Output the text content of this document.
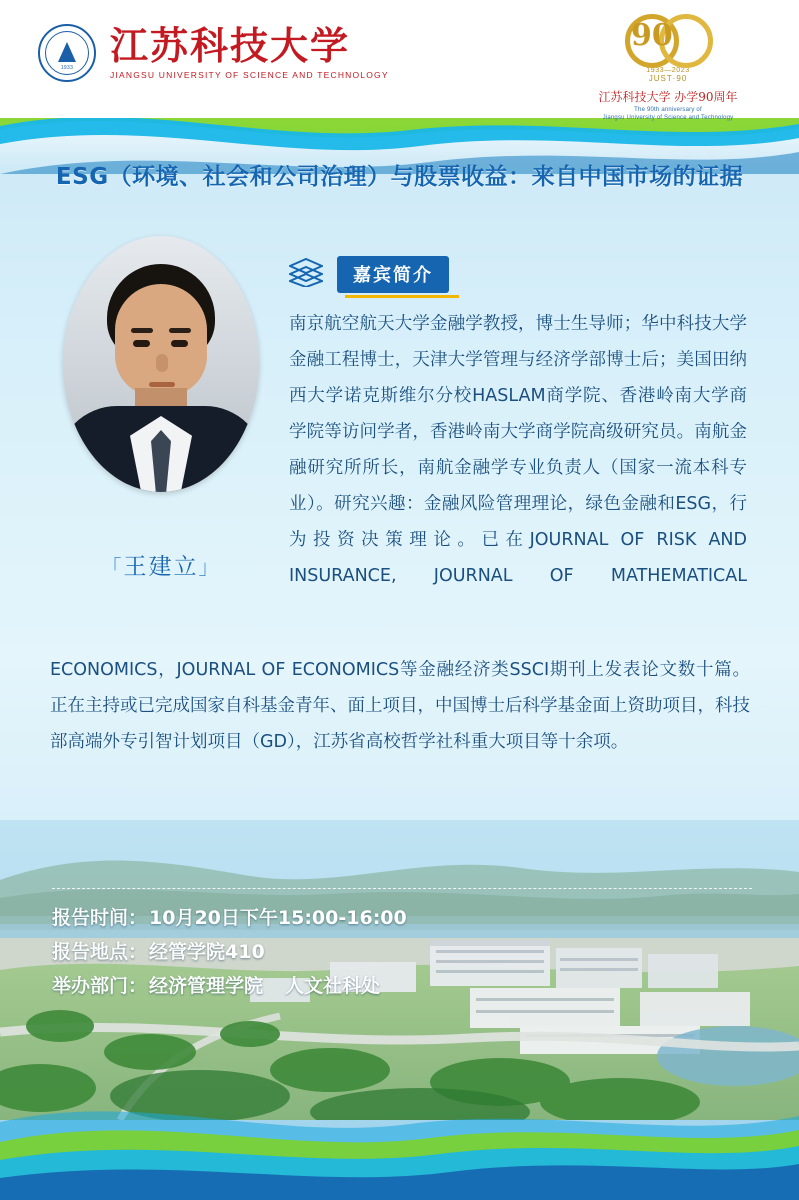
1933 江苏科技大学
JIANGSU UNIVERSITY OF SCIENCE AND TECHNOLOGY
90
1933—2023
JUST·90
江苏科技大学 办学90周年
The 90th anniversary of
Jiangsu University of Science and Technology
ESG（环境、社会和公司治理）与股票收益：来自中国市场的证据
「王建立」
嘉宾简介

南京航空航天大学金融学教授，博士生导师；华中科技大学金融工程博士，天津大学管理与经济学部博士后；美国田纳西大学诺克斯维尔分校HASLAM商学院、香港岭南大学商学院等访问学者，香港岭南大学商学院高级研究员。南航金融研究所所长，南航金融学专业负责人（国家一流本科专业）。研究兴趣：金融风险管理理论，绿色金融和ESG，行为投资决策理论。已在JOURNAL OF RISK AND INSURANCE, JOURNAL OF MATHEMATICAL

ECONOMICS，JOURNAL OF ECONOMICS等金融经济类SSCI期刊上发表论文数十篇。正在主持或已完成国家自科基金青年、面上项目，中国博士后科学基金面上资助项目，科技部高端外专引智计划项目（GD），江苏省高校哲学社科重大项目等十余项。

报告时间： 10月20日下午15:00-16:00
报告地点： 经管学院410
举办部门： 经济管理学院 人文社科处
